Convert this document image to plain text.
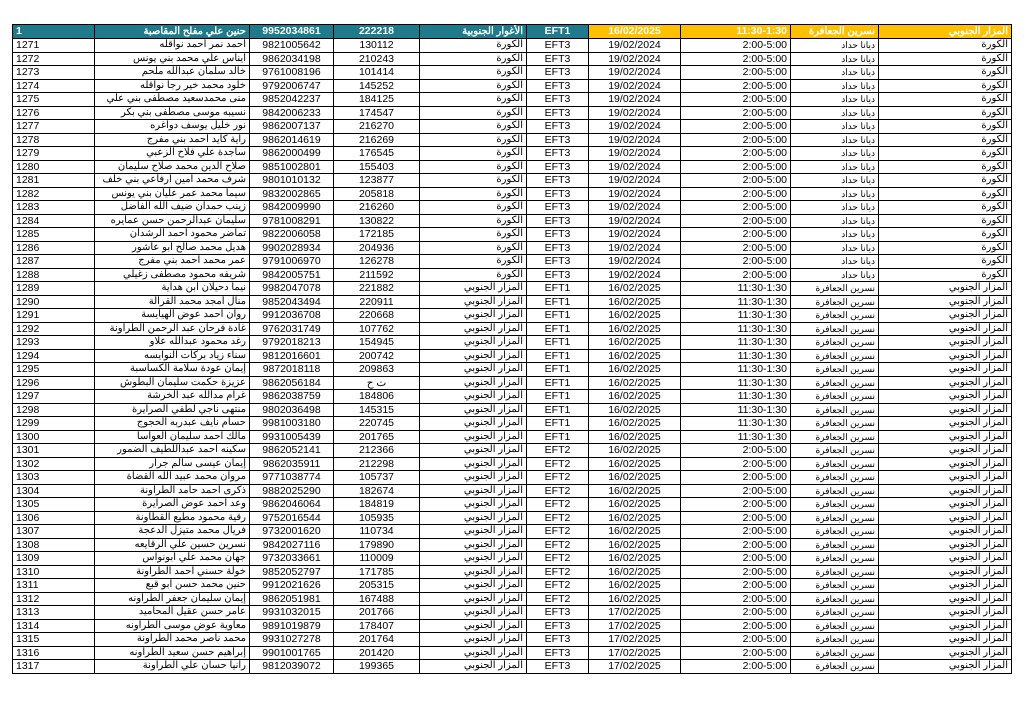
1	حنين علي مفلح المقاصبة	9952034861	222218	الأغوار الجنوبية	EFT1	16/02/2025	11:30-1:30	نسرين الجعافرة	المزار الجنوبي
1271	احمد نمر احمد نواقله	9821005642	130112	الكورة	EFT3	19/02/2024	2:00-5:00	ديانا حداد	الكورة
1272	ايناس علي محمد بني يونس	9862034198	210243	الكورة	EFT3	19/02/2024	2:00-5:00	ديانا حداد	الكورة
1273	خالد سلمان عبدالله ملحم	9761008196	101414	الكورة	EFT3	19/02/2024	2:00-5:00	ديانا حداد	الكورة
1274	خلود محمد خير رجا نواقله	9792006747	145252	الكورة	EFT3	19/02/2024	2:00-5:00	ديانا حداد	الكورة
1275	منى محمدسعيد مصطفى بني علي	9852042237	184125	الكورة	EFT3	19/02/2024	2:00-5:00	ديانا حداد	الكورة
1276	نسيبه موسى مصطفى بني بكر	9842006233	174547	الكورة	EFT3	19/02/2024	2:00-5:00	ديانا حداد	الكورة
1277	نور خليل يوسف دواغره	9862007137	216270	الكورة	EFT3	19/02/2024	2:00-5:00	ديانا حداد	الكورة
1278	راية كايد أحمد بني مفرج	9862014619	216269	الكورة	EFT3	19/02/2024	2:00-5:00	ديانا حداد	الكورة
1279	ساجدة علي فلاح الزعبي	9862000499	176545	الكورة	EFT3	19/02/2024	2:00-5:00	ديانا حداد	الكورة
1280	صلاح الدين محمد صلاح سليمان	9851002801	155403	الكورة	EFT3	19/02/2024	2:00-5:00	ديانا حداد	الكورة
1281	شرف محمد أمين ارفاعي بني خلف	9801010132	123877	الكورة	EFT3	19/02/2024	2:00-5:00	ديانا حداد	الكورة
1282	سيما محمد عمر عليان بني يونس	9832002865	205818	الكورة	EFT3	19/02/2024	2:00-5:00	ديانا حداد	الكورة
1283	زينب حمدان ضيف الله الفاضل	9842009990	216260	الكورة	EFT3	19/02/2024	2:00-5:00	ديانا حداد	الكورة
1284	سليمان عبدالرحمن حسن عمايره	9781008291	130822	الكورة	EFT3	19/02/2024	2:00-5:00	ديانا حداد	الكورة
1285	تماضر محمود أحمد الرشدان	9822006058	172185	الكورة	EFT3	19/02/2024	2:00-5:00	ديانا حداد	الكورة
1286	هديل محمد صالح أبو عاشور	9902028934	204936	الكورة	EFT3	19/02/2024	2:00-5:00	ديانا حداد	الكورة
1287	عمر محمد أحمد بني مفرج	9791006970	126278	الكورة	EFT3	19/02/2024	2:00-5:00	ديانا حداد	الكورة
1288	شريفه محمود مصطفى زغيلي	9842005751	211592	الكورة	EFT3	19/02/2024	2:00-5:00	ديانا حداد	الكورة
1289	نيما دحيلان ابن هداية	9982047078	221882	المزار الجنوبي	EFT1	16/02/2025	11:30-1:30	نسرين الجعافرة	المزار الجنوبي
1290	منال أمجد محمد القرالة	9852043494	220911	المزار الجنوبي	EFT1	16/02/2025	11:30-1:30	نسرين الجعافرة	المزار الجنوبي
1291	روان احمد عوض الهيايسة	9912036708	220668	المزار الجنوبي	EFT1	16/02/2025	11:30-1:30	نسرين الجعافرة	المزار الجنوبي
1292	غادة فرحان عبد الرحمن الطراونة	9762031749	107762	المزار الجنوبي	EFT1	16/02/2025	11:30-1:30	نسرين الجعافرة	المزار الجنوبي
1293	رغد محمود عبدالله علاو	9792018213	154945	المزار الجنوبي	EFT1	16/02/2025	11:30-1:30	نسرين الجعافرة	المزار الجنوبي
1294	سناء زياد بركات النوايسه	9812016601	200742	المزار الجنوبي	EFT1	16/02/2025	11:30-1:30	نسرين الجعافرة	المزار الجنوبي
1295	إيمان عودة سلامة الكساسبة	9872018118	209863	المزار الجنوبي	EFT1	16/02/2025	11:30-1:30	نسرين الجعافرة	المزار الجنوبي
1296	عزيزة حكمت سليمان البطوش	9862056184	ت ح	المزار الجنوبي	EFT1	16/02/2025	11:30-1:30	نسرين الجعافرة	المزار الجنوبي
1297	غرام مدالله عبد الخرشة	9862038759	184806	المزار الجنوبي	EFT1	16/02/2025	11:30-1:30	نسرين الجعافرة	المزار الجنوبي
1298	منتهى ناجي لطفي الصرايرة	9802036498	145315	المزار الجنوبي	EFT1	16/02/2025	11:30-1:30	نسرين الجعافرة	المزار الجنوبي
1299	حسام نايف عبدربه الحجوج	9981003180	220745	المزار الجنوبي	EFT1	16/02/2025	11:30-1:30	نسرين الجعافرة	المزار الجنوبي
1300	مالك احمد سليمان العواسا	9931005439	201765	المزار الجنوبي	EFT1	16/02/2025	11:30-1:30	نسرين الجعافرة	المزار الجنوبي
1301	سكينه احمد عبداللطيف الضمور	9862052141	212366	المزار الجنوبي	EFT2	16/02/2025	2:00-5:00	نسرين الجعافرة	المزار الجنوبي
1302	إيمان عيسى سالم جرار	9862035911	212298	المزار الجنوبي	EFT2	16/02/2025	2:00-5:00	نسرين الجعافرة	المزار الجنوبي
1303	مروان محمد عبيد الله القضاة	9771038774	105737	المزار الجنوبي	EFT2	16/02/2025	2:00-5:00	نسرين الجعافرة	المزار الجنوبي
1304	ذكرى احمد حامد الطراونة	9882025290	182674	المزار الجنوبي	EFT2	16/02/2025	2:00-5:00	نسرين الجعافرة	المزار الجنوبي
1305	وعد احمد عوض الصرايرة	9862046064	184819	المزار الجنوبي	EFT2	16/02/2025	2:00-5:00	نسرين الجعافرة	المزار الجنوبي
1306	رقية محمود مطيع القطاونة	9752016544	105935	المزار الجنوبي	EFT2	16/02/2025	2:00-5:00	نسرين الجعافرة	المزار الجنوبي
1307	فريال محمد متيزل الدعجة	9732001620	110734	المزار الجنوبي	EFT2	16/02/2025	2:00-5:00	نسرين الجعافرة	المزار الجنوبي
1308	نسرين حسين علي الرقايعه	9842027116	179890	المزار الجنوبي	EFT2	16/02/2025	2:00-5:00	نسرين الجعافرة	المزار الجنوبي
1309	جهان محمد علي ابونواس	9732033661	110009	المزار الجنوبي	EFT2	16/02/2025	2:00-5:00	نسرين الجعافرة	المزار الجنوبي
1310	خولة حسني احمد الطراونة	9852052797	171785	المزار الجنوبي	EFT2	16/02/2025	2:00-5:00	نسرين الجعافرة	المزار الجنوبي
1311	حنين محمد حسن أبو قبع	9912021626	205315	المزار الجنوبي	EFT2	16/02/2025	2:00-5:00	نسرين الجعافرة	المزار الجنوبي
1312	إيمان سليمان جعفر الطراونه	9862051981	167488	المزار الجنوبي	EFT2	16/02/2025	2:00-5:00	نسرين الجعافرة	المزار الجنوبي
1313	عامر حسن عقيل المحاميد	9931032015	201766	المزار الجنوبي	EFT3	17/02/2025	2:00-5:00	نسرين الجعافرة	المزار الجنوبي
1314	معاوية عوض موسى الطراونه	9891019879	178407	المزار الجنوبي	EFT3	17/02/2025	2:00-5:00	نسرين الجعافرة	المزار الجنوبي
1315	محمد ناصر محمد الطراونة	9931027278	201764	المزار الجنوبي	EFT3	17/02/2025	2:00-5:00	نسرين الجعافرة	المزار الجنوبي
1316	إبراهيم حسن سعيد الطراونه	9901001765	201420	المزار الجنوبي	EFT3	17/02/2025	2:00-5:00	نسرين الجعافرة	المزار الجنوبي
1317	رانيا حسان علي الطراونة	9812039072	199365	المزار الجنوبي	EFT3	17/02/2025	2:00-5:00	نسرين الجعافرة	المزار الجنوبي
